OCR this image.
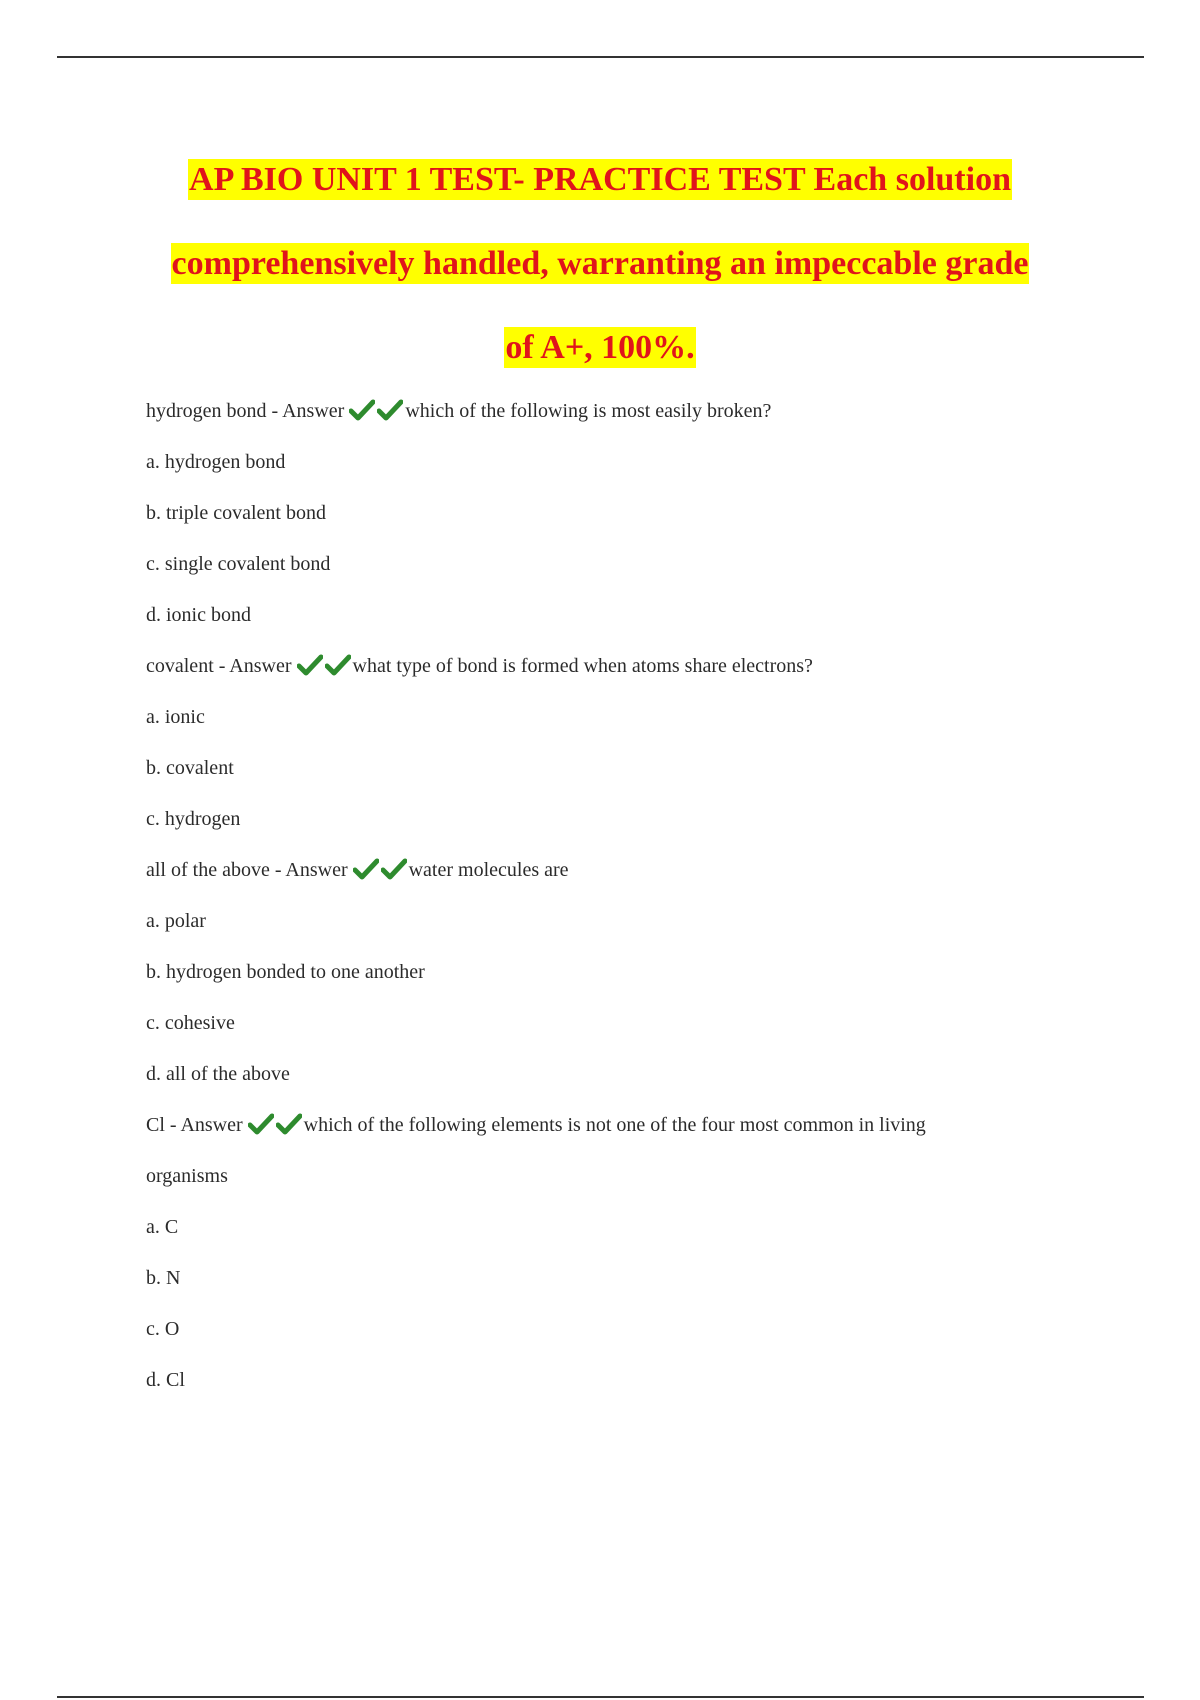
AP BIO UNIT 1 TEST- PRACTICE TEST Each solution
comprehensively handled, warranting an impeccable grade
of A+, 100%.
hydrogen bond - Answer	which of the following is most easily broken?
a. hydrogen bond
b. triple covalent bond
c. single covalent bond
d. ionic bond
covalent - Answer	what type of bond is formed when atoms share electrons?
a. ionic
b. covalent
c. hydrogen
all of the above - Answer	water molecules are
a. polar
b. hydrogen bonded to one another
c. cohesive
d. all of the above
Cl - Answer	which of the following elements is not one of the four most common in living
organisms
a. C
b. N
c. O
d. Cl
